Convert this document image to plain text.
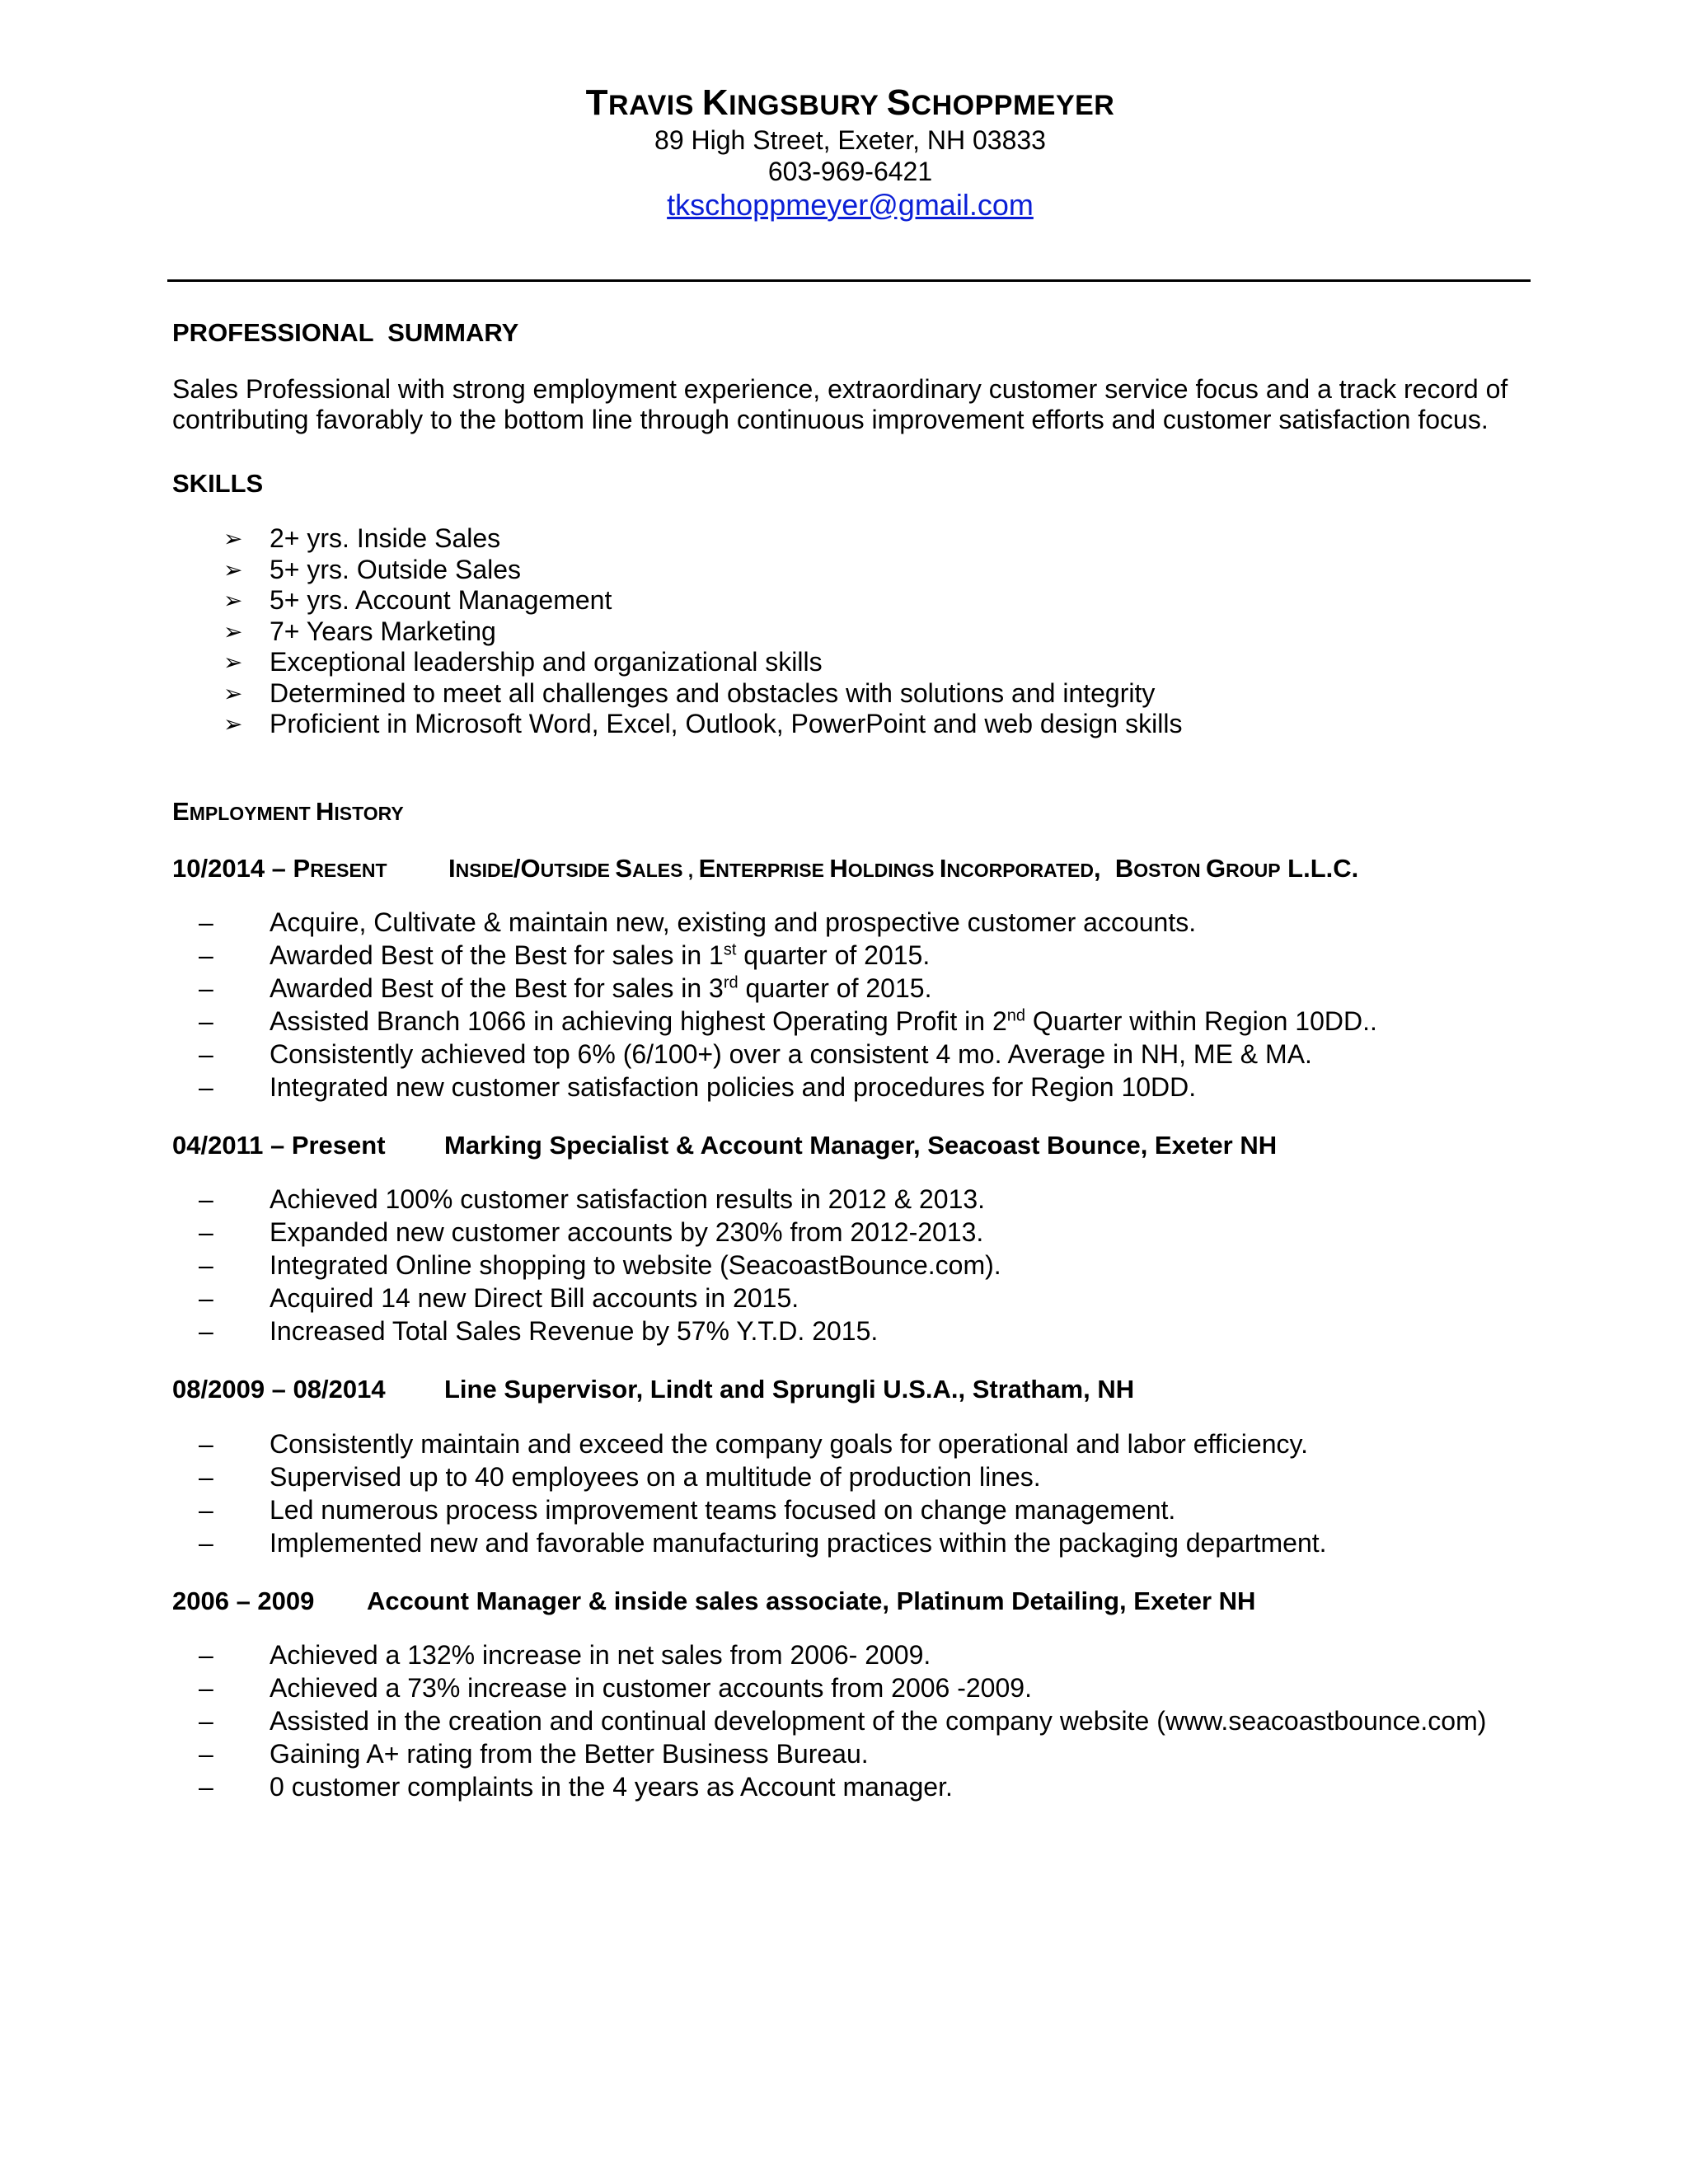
TRAVIS KINGSBURY SCHOPPMEYER
89 High Street, Exeter, NH 03833
603-969-6421
tkschoppmeyer@gmail.com
PROFESSIONAL  SUMMARY
Sales Professional with strong employment experience, extraordinary customer service focus and a track record of contributing favorably to the bottom line through continuous improvement efforts and customer satisfaction focus.
SKILLS
➢ 2+ yrs. Inside Sales
➢ 5+ yrs. Outside Sales
➢ 5+ yrs. Account Management
➢ 7+ Years Marketing
➢ Exceptional leadership and organizational skills
➢ Determined to meet all challenges and obstacles with solutions and integrity
➢ Proficient in Microsoft Word, Excel, Outlook, PowerPoint and web design skills
EMPLOYMENT HISTORY
10/2014 – PRESENT INSIDE/OUTSIDE SALES , ENTERPRISE HOLDINGS INCORPORATED,  BOSTON GROUP L.L.C.
– Acquire, Cultivate & maintain new, existing and prospective customer accounts.
– Awarded Best of the Best for sales in 1st quarter of 2015.
– Awarded Best of the Best for sales in 3rd quarter of 2015.
– Assisted Branch 1066 in achieving highest Operating Profit in 2nd Quarter within Region 10DD..
– Consistently achieved top 6% (6/100+) over a consistent 4 mo. Average in NH, ME & MA.
– Integrated new customer satisfaction policies and procedures for Region 10DD.
04/2011 – Present Marking Specialist & Account Manager, Seacoast Bounce, Exeter NH
– Achieved 100% customer satisfaction results in 2012 & 2013.
– Expanded new customer accounts by 230% from 2012-2013.
– Integrated Online shopping to website (SeacoastBounce.com).
– Acquired 14 new Direct Bill accounts in 2015.
– Increased Total Sales Revenue by 57% Y.T.D. 2015.
08/2009 – 08/2014 Line Supervisor, Lindt and Sprungli U.S.A., Stratham, NH
– Consistently maintain and exceed the company goals for operational and labor efficiency.
– Supervised up to 40 employees on a multitude of production lines.
– Led numerous process improvement teams focused on change management.
– Implemented new and favorable manufacturing practices within the packaging department.
2006 – 2009 Account Manager & inside sales associate, Platinum Detailing, Exeter NH
– Achieved a 132% increase in net sales from 2006- 2009.
– Achieved a 73% increase in customer accounts from 2006 -2009.
– Assisted in the creation and continual development of the company website (www.seacoastbounce.com)
– Gaining A+ rating from the Better Business Bureau.
– 0 customer complaints in the 4 years as Account manager.
